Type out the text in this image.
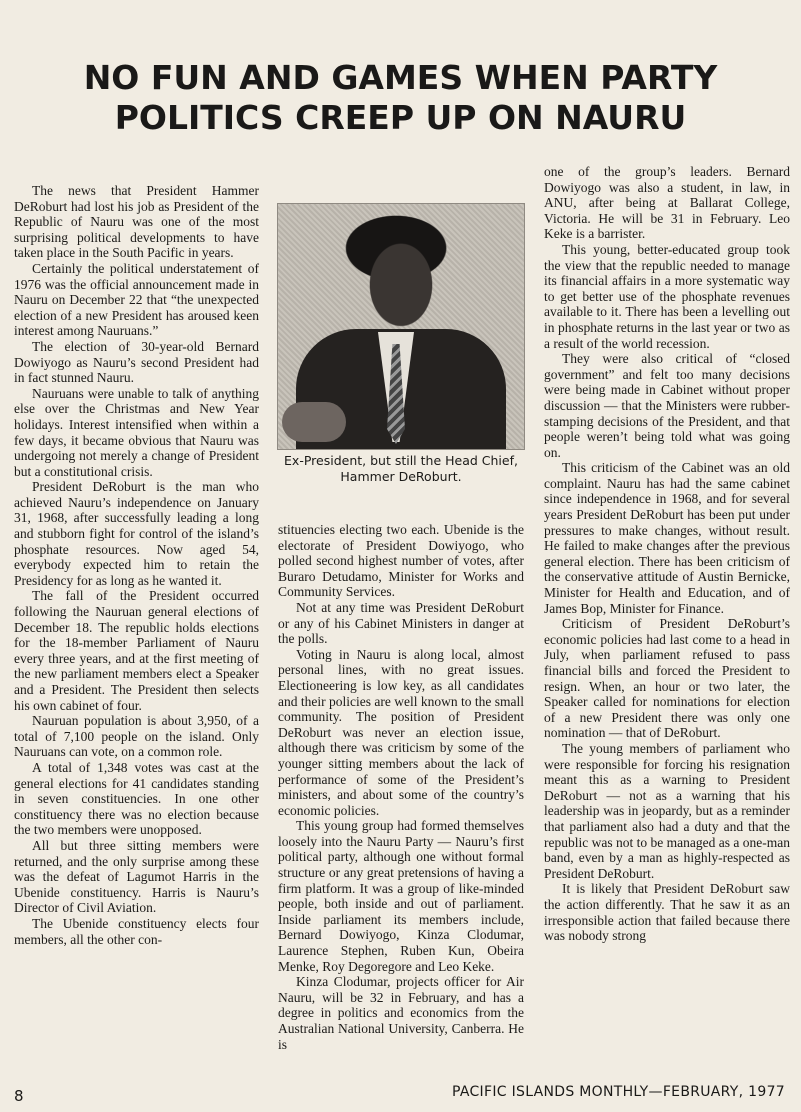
NO FUN AND GAMES WHEN PARTY POLITICS CREEP UP ON NAURU

The news that President Hammer DeRoburt had lost his job as President of the Republic of Nauru was one of the most surprising political developments to have taken place in the South Pacific in years.

Certainly the political understatement of 1976 was the official announcement made in Nauru on December 22 that “the unexpected election of a new President has aroused keen interest among Nauruans.”

The election of 30-year-old Bernard Dowiyogo as Nauru’s second President had in fact stunned Nauru.

Nauruans were unable to talk of anything else over the Christmas and New Year holidays. Interest intensified when within a few days, it became obvious that Nauru was undergoing not merely a change of President but a constitutional crisis.

President DeRoburt is the man who achieved Nauru’s independence on January 31, 1968, after successfully leading a long and stubborn fight for control of the island’s phosphate resources. Now aged 54, everybody expected him to retain the Presidency for as long as he wanted it.

The fall of the President occurred following the Nauruan general elections of December 18. The republic holds elections for the 18-member Parliament of Nauru every three years, and at the first meeting of the new parliament members elect a Speaker and a President. The President then selects his own cabinet of four.

Nauruan population is about 3,950, of a total of 7,100 people on the island. Only Nauruans can vote, on a common role.

A total of 1,348 votes was cast at the general elections for 41 candidates standing in seven constituencies. In one other constituency there was no election because the two members were unopposed.

All but three sitting members were returned, and the only surprise among these was the defeat of Lagumot Harris in the Ubenide constituency. Harris is Nauru’s Director of Civil Aviation.

The Ubenide constituency elects four members, all the other con-

Ex-President, but still the Head Chief, Hammer DeRoburt.

stituencies electing two each. Ubenide is the electorate of President Dowiyogo, who polled second highest number of votes, after Buraro Detudamo, Minister for Works and Community Services.

Not at any time was President DeRoburt or any of his Cabinet Ministers in danger at the polls.

Voting in Nauru is along local, almost personal lines, with no great issues. Electioneering is low key, as all candidates and their policies are well known to the small community. The position of President DeRoburt was never an election issue, although there was criticism by some of the younger sitting members about the lack of performance of some of the President’s ministers, and about some of the country’s economic policies.

This young group had formed themselves loosely into the Nauru Party — Nauru’s first political party, although one without formal structure or any great pretensions of having a firm platform. It was a group of like-minded people, both inside and out of parliament. Inside parliament its members include, Bernard Dowiyogo, Kinza Clodumar, Laurence Stephen, Ruben Kun, Obeira Menke, Roy Degoregore and Leo Keke.

Kinza Clodumar, projects officer for Air Nauru, will be 32 in February, and has a degree in politics and economics from the Australian National University, Canberra. He is

one of the group’s leaders. Bernard Dowiyogo was also a student, in law, in ANU, after being at Ballarat College, Victoria. He will be 31 in February. Leo Keke is a barrister.

This young, better-educated group took the view that the republic needed to manage its financial affairs in a more systematic way to get better use of the phosphate revenues available to it. There has been a levelling out in phosphate returns in the last year or two as a result of the world recession.

They were also critical of “closed government” and felt too many decisions were being made in Cabinet without proper discussion — that the Ministers were rubber-stamping decisions of the President, and that people weren’t being told what was going on.

This criticism of the Cabinet was an old complaint. Nauru has had the same cabinet since independence in 1968, and for several years President DeRoburt has been put under pressures to make changes, without result. He failed to make changes after the previous general election. There has been criticism of the conservative attitude of Austin Bernicke, Minister for Health and Education, and of James Bop, Minister for Finance.

Criticism of President DeRoburt’s economic policies had last come to a head in July, when parliament refused to pass financial bills and forced the President to resign. When, an hour or two later, the Speaker called for nominations for election of a new President there was only one nomination — that of DeRoburt.

The young members of parliament who were responsible for forcing his resignation meant this as a warning to President DeRoburt — not as a warning that his leadership was in jeopardy, but as a reminder that parliament also had a duty and that the republic was not to be managed as a one-man band, even by a man as highly-respected as President DeRoburt.

It is likely that President DeRoburt saw the action differently. That he saw it as an irresponsible action that failed because there was nobody strong

8	PACIFIC ISLANDS MONTHLY—FEBRUARY, 1977
